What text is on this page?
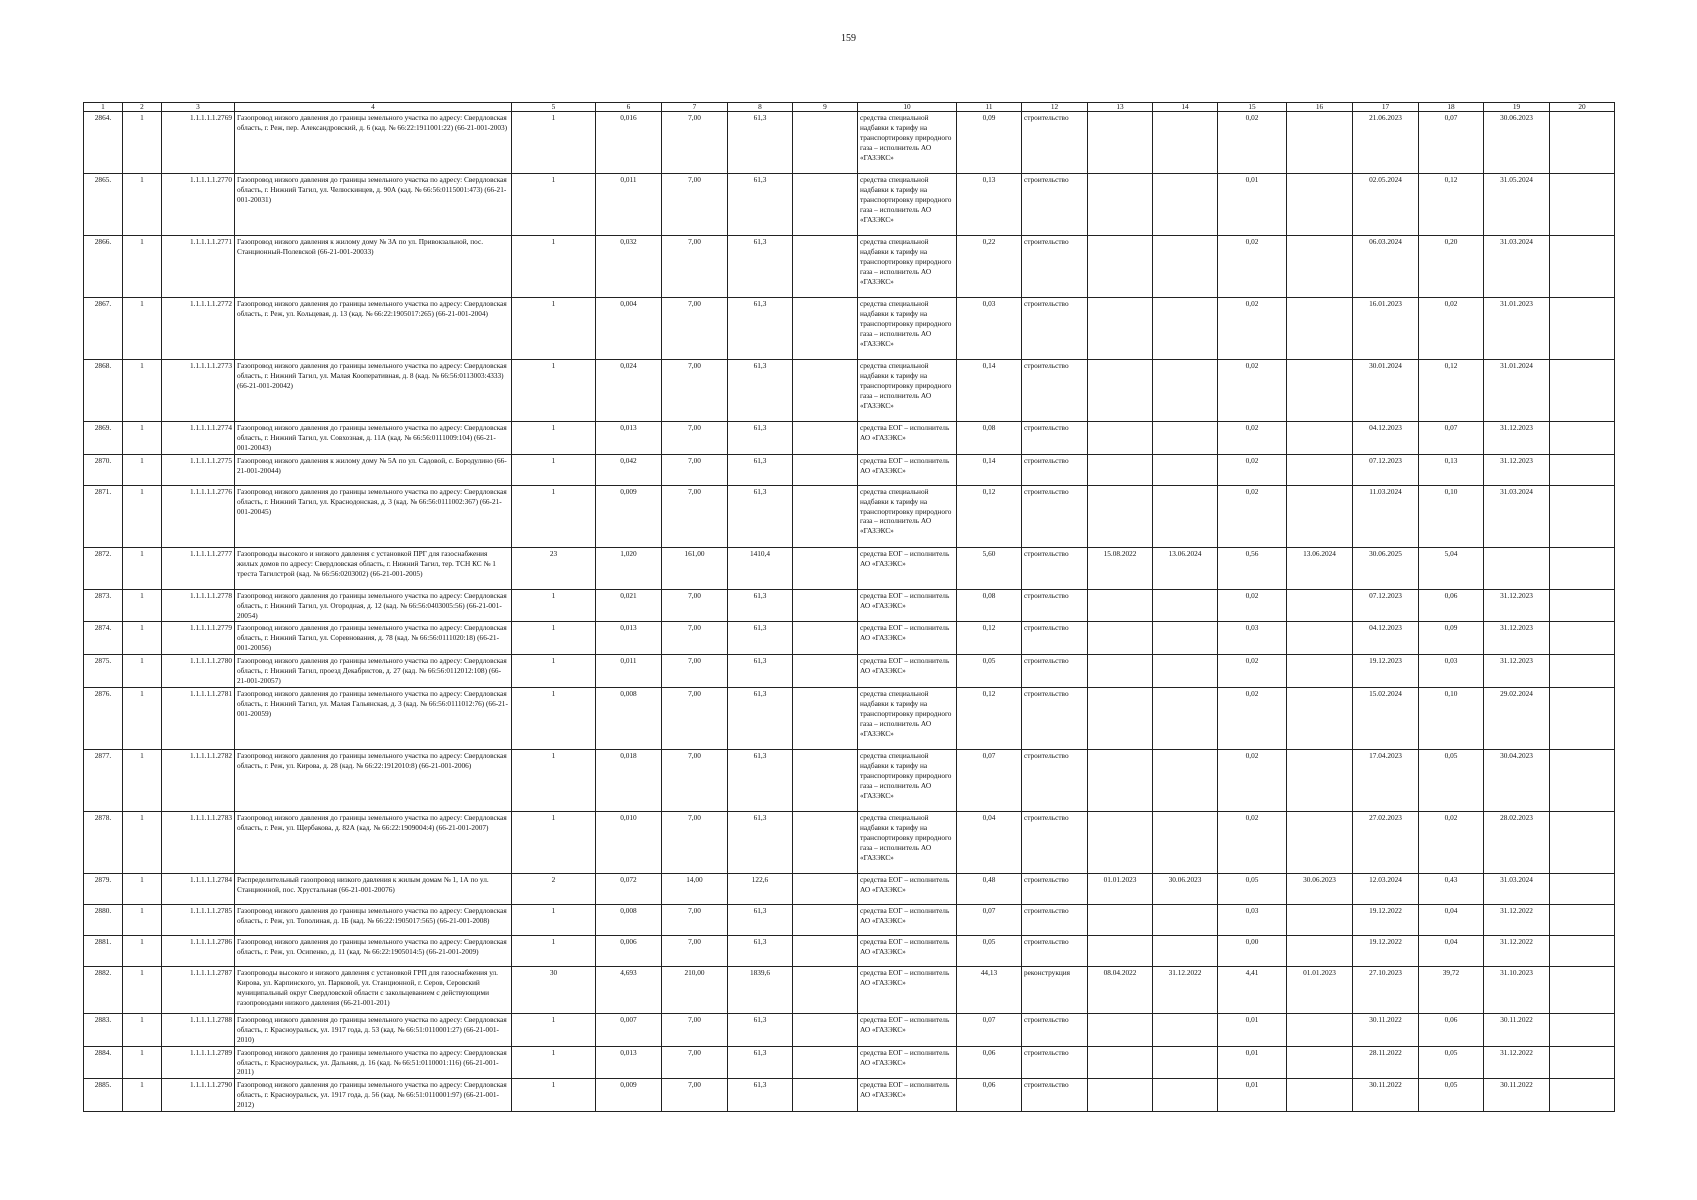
159
1	2	3	4	5	6	7	8	9	10	11	12	13	14	15	16	17	18	19	20
2864.	1	1.1.1.1.1.2769	Газопровод низкого давления до границы земельного участка по адресу: Свердловская область, г. Реж, пер. Александровский, д. 6 (кад. № 66:22:1911001:22) (66-21-001-2003)	1	0,016	7,00	61,3		средства специальной надбавки к тарифу на транспортировку природного газа – исполнитель АО «ГАЗЭКС»	0,09	строительство			0,02		21.06.2023	0,07	30.06.2023	
2865.	1	1.1.1.1.1.2770	Газопровод низкого давления до границы земельного участка по адресу: Свердловская область, г. Нижний Тагил, ул. Челюскинцев, д. 90А (кад. № 66:56:0115001:473) (66-21-001-20031)	1	0,011	7,00	61,3		средства специальной надбавки к тарифу на транспортировку природного газа – исполнитель АО «ГАЗЭКС»	0,13	строительство			0,01		02.05.2024	0,12	31.05.2024	
2866.	1	1.1.1.1.1.2771	Газопровод низкого давления к жилому дому № 3А по ул. Привокзальной, пос. Станционный-Полевской (66-21-001-20033)	1	0,032	7,00	61,3		средства специальной надбавки к тарифу на транспортировку природного газа – исполнитель АО «ГАЗЭКС»	0,22	строительство			0,02		06.03.2024	0,20	31.03.2024	
2867.	1	1.1.1.1.1.2772	Газопровод низкого давления до границы земельного участка по адресу: Свердловская область, г. Реж, ул. Кольцевая, д. 13 (кад. № 66:22:1905017:265) (66-21-001-2004)	1	0,004	7,00	61,3		средства специальной надбавки к тарифу на транспортировку природного газа – исполнитель АО «ГАЗЭКС»	0,03	строительство			0,02		16.01.2023	0,02	31.01.2023	
2868.	1	1.1.1.1.1.2773	Газопровод низкого давления до границы земельного участка по адресу: Свердловская область, г. Нижний Тагил, ул. Малая Кооперативная, д. 8 (кад. № 66:56:0113003:4333) (66-21-001-20042)	1	0,024	7,00	61,3		средства специальной надбавки к тарифу на транспортировку природного газа – исполнитель АО «ГАЗЭКС»	0,14	строительство			0,02		30.01.2024	0,12	31.01.2024	
2869.	1	1.1.1.1.1.2774	Газопровод низкого давления до границы земельного участка по адресу: Свердловская область, г. Нижний Тагил, ул. Совхозная, д. 11А (кад. № 66:56:0111009:104) (66-21-001-20043)	1	0,013	7,00	61,3		средства ЕОГ – исполнитель АО «ГАЗЭКС»	0,08	строительство			0,02		04.12.2023	0,07	31.12.2023	
2870.	1	1.1.1.1.1.2775	Газопровод низкого давления к жилому дому № 5А по ул. Садовой, с. Бородулино (66-21-001-20044)	1	0,042	7,00	61,3		средства ЕОГ – исполнитель АО «ГАЗЭКС»	0,14	строительство			0,02		07.12.2023	0,13	31.12.2023	
2871.	1	1.1.1.1.1.2776	Газопровод низкого давления до границы земельного участка по адресу: Свердловская область, г. Нижний Тагил, ул. Краснодонская, д. 3 (кад. № 66:56:0111002:367) (66-21-001-20045)	1	0,009	7,00	61,3		средства специальной надбавки к тарифу на транспортировку природного газа – исполнитель АО «ГАЗЭКС»	0,12	строительство			0,02		11.03.2024	0,10	31.03.2024	
2872.	1	1.1.1.1.1.2777	Газопроводы высокого и низкого давления с установкой ПРГ для газоснабжения жилых домов по адресу: Свердловская область, г. Нижний Тагил, тер. ТСН КС № 1 треста Тагилстрой (кад. № 66:56:0203002) (66-21-001-2005)	23	1,020	161,00	1410,4		средства ЕОГ – исполнитель АО «ГАЗЭКС»	5,60	строительство	15.08.2022	13.06.2024	0,56	13.06.2024	30.06.2025	5,04		
2873.	1	1.1.1.1.1.2778	Газопровод низкого давления до границы земельного участка по адресу: Свердловская область, г. Нижний Тагил, ул. Огородная, д. 12 (кад. № 66:56:0403005:56) (66-21-001-20054)	1	0,021	7,00	61,3		средства ЕОГ – исполнитель АО «ГАЗЭКС»	0,08	строительство			0,02		07.12.2023	0,06	31.12.2023	
2874.	1	1.1.1.1.1.2779	Газопровод низкого давления до границы земельного участка по адресу: Свердловская область, г. Нижний Тагил, ул. Соревнования, д. 78 (кад. № 66:56:0111020:18) (66-21-001-20056)	1	0,013	7,00	61,3		средства ЕОГ – исполнитель АО «ГАЗЭКС»	0,12	строительство			0,03		04.12.2023	0,09	31.12.2023	
2875.	1	1.1.1.1.1.2780	Газопровод низкого давления до границы земельного участка по адресу: Свердловская область, г. Нижний Тагил, проезд Декабристов, д. 27 (кад. № 66:56:0112012:108) (66-21-001-20057)	1	0,011	7,00	61,3		средства ЕОГ – исполнитель АО «ГАЗЭКС»	0,05	строительство			0,02		19.12.2023	0,03	31.12.2023	
2876.	1	1.1.1.1.1.2781	Газопровод низкого давления до границы земельного участка по адресу: Свердловская область, г. Нижний Тагил, ул. Малая Гальянская, д. 3 (кад. № 66:56:0111012:76) (66-21-001-20059)	1	0,008	7,00	61,3		средства специальной надбавки к тарифу на транспортировку природного газа – исполнитель АО «ГАЗЭКС»	0,12	строительство			0,02		15.02.2024	0,10	29.02.2024	
2877.	1	1.1.1.1.1.2782	Газопровод низкого давления до границы земельного участка по адресу: Свердловская область, г. Реж, ул. Кирова, д. 28 (кад. № 66:22:1912010:8) (66-21-001-2006)	1	0,018	7,00	61,3		средства специальной надбавки к тарифу на транспортировку природного газа – исполнитель АО «ГАЗЭКС»	0,07	строительство			0,02		17.04.2023	0,05	30.04.2023	
2878.	1	1.1.1.1.1.2783	Газопровод низкого давления до границы земельного участка по адресу: Свердловская область, г. Реж, ул. Щербакова, д. 82А (кад. № 66:22:1909004:4) (66-21-001-2007)	1	0,010	7,00	61,3		средства специальной надбавки к тарифу на транспортировку природного газа – исполнитель АО «ГАЗЭКС»	0,04	строительство			0,02		27.02.2023	0,02	28.02.2023	
2879.	1	1.1.1.1.1.2784	Распределительный газопровод низкого давления к жилым домам № 1, 1А по ул. Станционной, пос. Хрустальная (66-21-001-20076)	2	0,072	14,00	122,6		средства ЕОГ – исполнитель АО «ГАЗЭКС»	0,48	строительство	01.01.2023	30.06.2023	0,05	30.06.2023	12.03.2024	0,43	31.03.2024	
2880.	1	1.1.1.1.1.2785	Газопровод низкого давления до границы земельного участка по адресу: Свердловская область, г. Реж, ул. Тополиная, д. 1Б (кад. № 66:22:1905017:565) (66-21-001-2008)	1	0,008	7,00	61,3		средства ЕОГ – исполнитель АО «ГАЗЭКС»	0,07	строительство			0,03		19.12.2022	0,04	31.12.2022	
2881.	1	1.1.1.1.1.2786	Газопровод низкого давления до границы земельного участка по адресу: Свердловская область, г. Реж, ул. Осипенко, д. 11 (кад. № 66:22:1905014:5) (66-21-001-2009)	1	0,006	7,00	61,3		средства ЕОГ – исполнитель АО «ГАЗЭКС»	0,05	строительство			0,00		19.12.2022	0,04	31.12.2022	
2882.	1	1.1.1.1.1.2787	Газопроводы высокого и низкого давления с установкой ГРП для газоснабжения ул. Кирова, ул. Карпинского, ул. Парковой, ул. Станционной, г. Серов, Серовский муниципальный округ Свердловской области с закольцеванием с действующими газопроводами низкого давления (66-21-001-201)	30	4,693	210,00	1839,6		средства ЕОГ – исполнитель АО «ГАЗЭКС»	44,13	реконструкция	08.04.2022	31.12.2022	4,41	01.01.2023	27.10.2023	39,72	31.10.2023	
2883.	1	1.1.1.1.1.2788	Газопровод низкого давления до границы земельного участка по адресу: Свердловская область, г. Красноуральск, ул. 1917 года, д. 53 (кад. № 66:51:0110001:27) (66-21-001-2010)	1	0,007	7,00	61,3		средства ЕОГ – исполнитель АО «ГАЗЭКС»	0,07	строительство			0,01		30.11.2022	0,06	30.11.2022	
2884.	1	1.1.1.1.1.2789	Газопровод низкого давления до границы земельного участка по адресу: Свердловская область, г. Красноуральск, ул. Дальняя, д. 16 (кад. № 66:51:0110001:116) (66-21-001-2011)	1	0,013	7,00	61,3		средства ЕОГ – исполнитель АО «ГАЗЭКС»	0,06	строительство			0,01		28.11.2022	0,05	31.12.2022	
2885.	1	1.1.1.1.1.2790	Газопровод низкого давления до границы земельного участка по адресу: Свердловская область, г. Красноуральск, ул. 1917 года, д. 56 (кад. № 66:51:0110001:97) (66-21-001-2012)	1	0,009	7,00	61,3		средства ЕОГ – исполнитель АО «ГАЗЭКС»	0,06	строительство			0,01		30.11.2022	0,05	30.11.2022	
